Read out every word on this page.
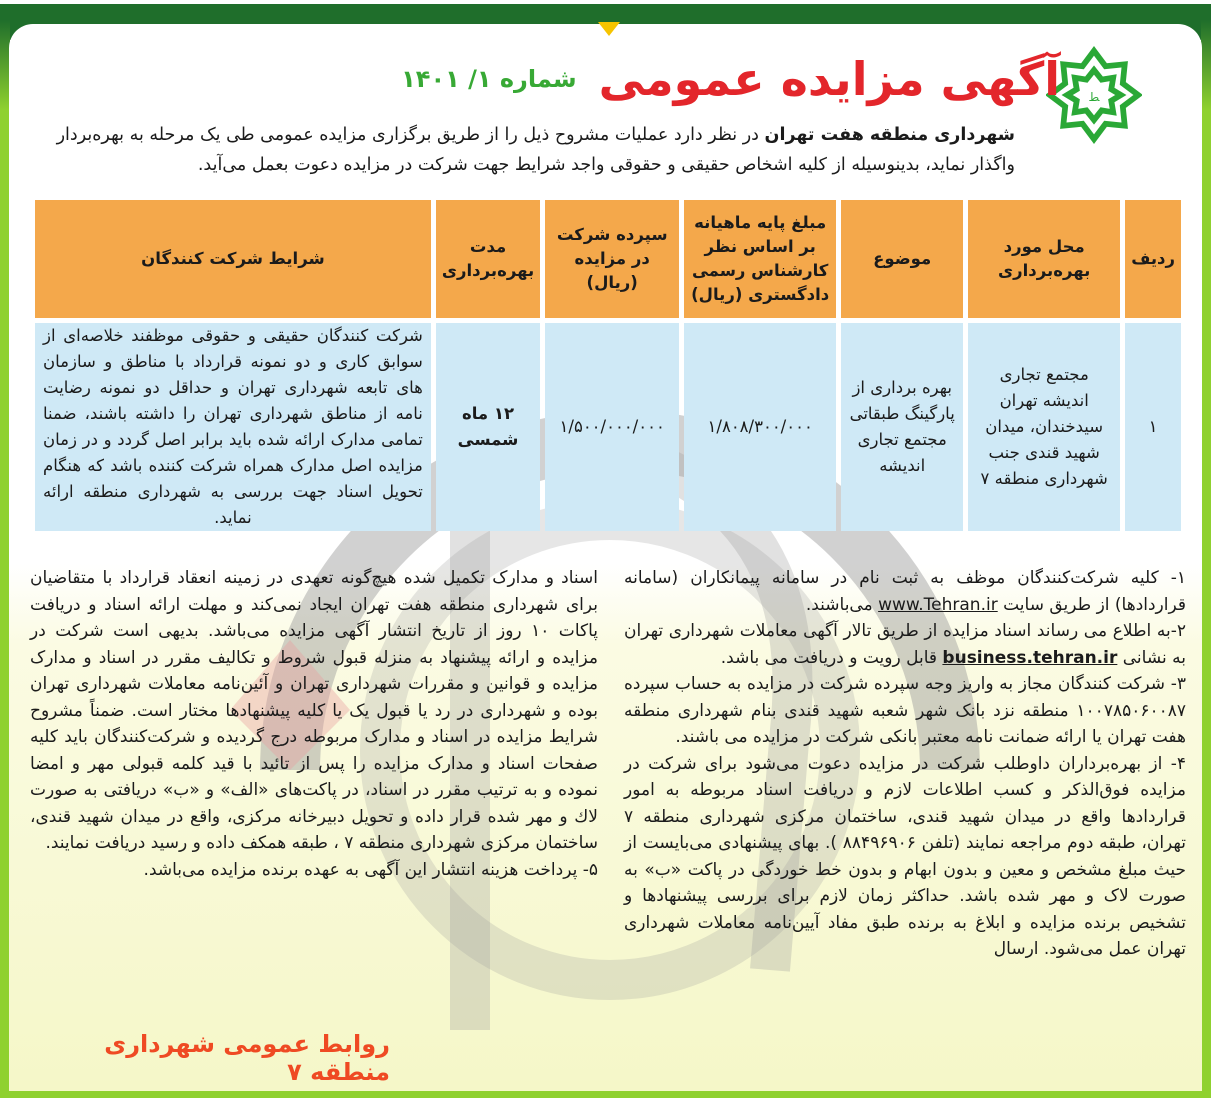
ﻂ
آگهی مزایده عمومی
شماره ۱/ ۱۴۰۱
شهرداری منطقه هفت تهران در نظر دارد عملیات مشروح ذیل را از طریق برگزاری مزایده عمومی طی یک مرحله به بهره‌بردار واگذار نماید، بدینوسیله از کلیه اشخاص حقیقی و حقوقی واجد شرایط جهت شرکت در مزایده دعوت بعمل می‌آید.
ردیف	محل مورد بهره‌برداری	موضوع	مبلغ پایه ماهیانه بر اساس نظر کارشناس رسمی دادگستری (ریال)	سپرده شرکت در مزایده (ریال)	مدت بهره‌برداری	شرایط شرکت کنندگان
۱	مجتمع تجاری اندیشه تهران سیدخندان، میدان شهید قندی جنب شهرداری منطقه ۷	بهره برداری از پارگینگ طبقاتی مجتمع تجاری اندیشه	۱/۸۰۸/۳۰۰/۰۰۰	۱/۵۰۰/۰۰۰/۰۰۰	۱۲ ماه شمسی	شرکت کنندگان حقیقی و حقوقی موظفند خلاصه‌ای از سوابق کاری و دو نمونه قرارداد با مناطق و سازمان های تابعه شهرداری تهران و حداقل دو نمونه رضایت نامه از مناطق شهرداری تهران را داشته باشند، ضمنا تمامی مدارک ارائه شده باید برابر اصل گردد و در زمان مزایده اصل مدارک همراه شرکت کننده باشد که هنگام تحویل اسناد جهت بررسی به شهرداری منطقه ارائه نماید.

۱- کلیه شرکت‌کنندگان موظف به ثبت نام در سامانه پیمانکاران (سامانه قراردادها) از طریق سایت www.Tehran.ir می‌باشند.

۲-به اطلاع می رساند اسناد مزایده از طریق تالار آگهی معاملات شهرداری تهران به نشانی business.tehran.ir قابل رویت و دریافت می باشد.

۳- شرکت کنندگان مجاز به واریز وجه سپرده شرکت در مزایده به حساب سپرده ۱۰۰۷۸۵۰۶۰۰۸۷ منطقه نزد بانک شهر شعبه شهید قندی بنام شهرداری منطقه هفت تهران یا ارائه ضمانت نامه معتبر بانکی شرکت در مزایده می باشند.

۴- از بهره‌برداران داوطلب شرکت در مزایده دعوت می‌شود برای شرکت در مزایده فوق‌الذکر و کسب اطلاعات لازم و دریافت اسناد مربوطه به امور قراردادها واقع در میدان شهید قندی، ساختمان مرکزی شهرداری منطقه ۷ تهران، طبقه دوم مراجعه نمایند (تلفن ۸۸۴۹۶۹۰۶ ). بهای پیشنهادی می‌بایست از حیث مبلغ مشخص و معین و بدون ابهام و بدون خط خوردگی در پاکت «ب» به صورت لاک و مهر شده باشد. حداکثر زمان لازم برای بررسی پیشنهادها و تشخیص برنده مزایده و ابلاغ به برنده طبق مفاد آیین‌نامه معاملات شهرداری تهران عمل می‌شود. ارسال

اسناد و مدارک تکمیل شده هیچ‌گونه تعهدی در زمینه انعقاد قرارداد با متقاضیان برای شهرداری منطقه هفت تهران ایجاد نمی‌کند و مهلت ارائه اسناد و دریافت پاکات ۱۰ روز از تاریخ انتشار آگهی مزایده می‌باشد. بدیهی است شرکت در مزایده و ارائه پیشنهاد به منزله قبول شروط و تکالیف مقرر در اسناد و مدارک مزایده و قوانین و مقررات شهرداری تهران و آئین‌نامه معاملات شهرداری تهران بوده و شهرداری در رد یا قبول یک یا کلیه پیشنهادها مختار است. ضمناً مشروح شرایط مزایده در اسناد و مدارک مربوطه درج گردیده و شرکت‌کنندگان باید کلیه صفحات اسناد و مدارک مزایده را پس از تائید با قید کلمه قبولی مهر و امضا نموده و به ترتیب مقرر در اسناد، در پاکت‌های «الف» و «ب» دریافتی به صورت لاك و مهر شده قرار داده و تحویل دبیرخانه مرکزی، واقع در میدان شهید قندی، ساختمان مرکزی شهرداری منطقه ۷ ، طبقه همکف داده و رسید دریافت نمایند.

۵- پرداخت هزینه انتشار این آگهی به عهده برنده مزایده می‌باشد.

روابط عمومی شهرداری منطقه ۷
